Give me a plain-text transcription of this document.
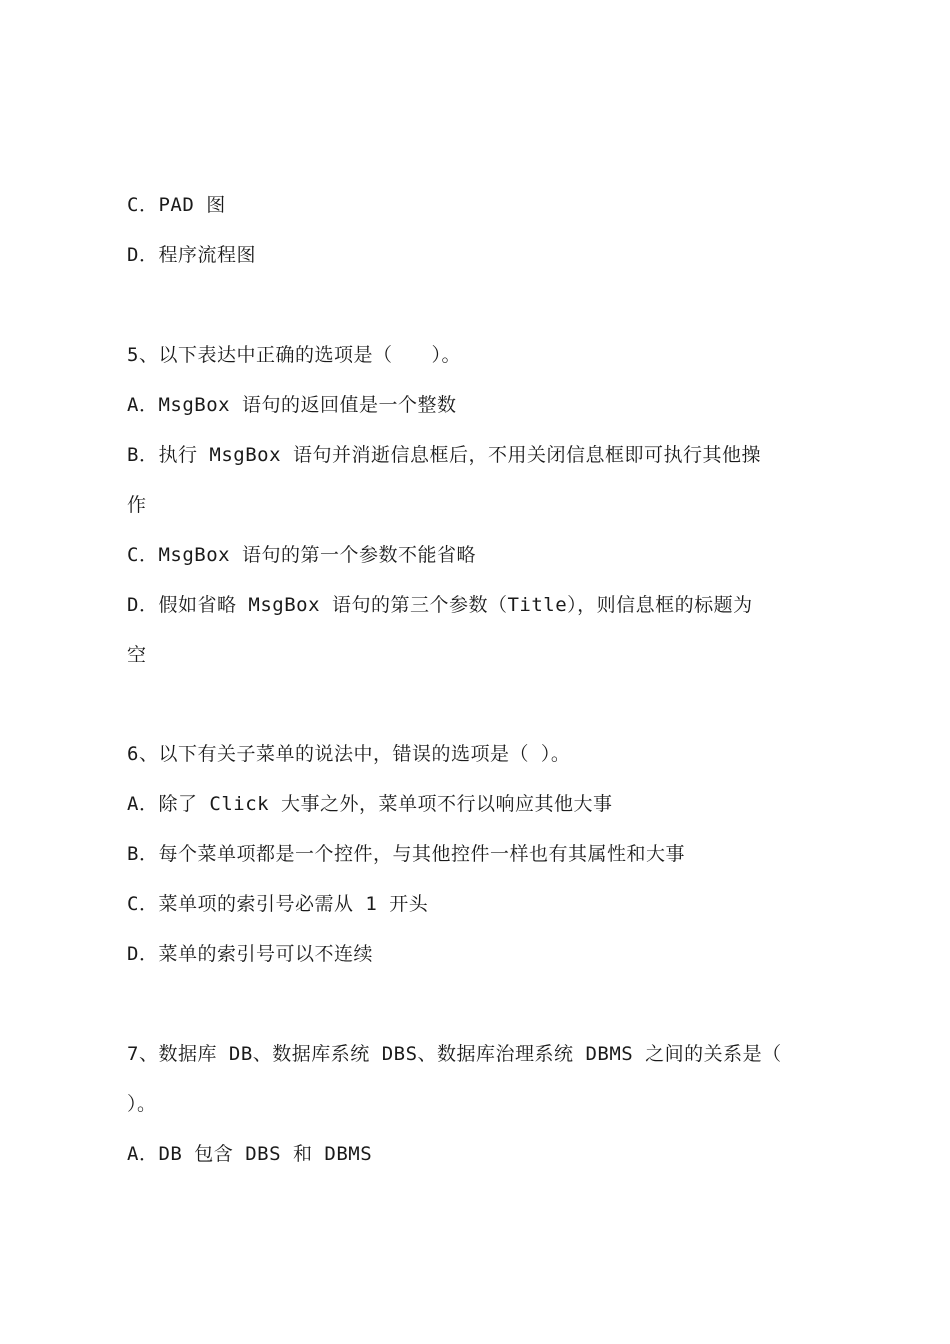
C．PAD 图
D．程序流程图
5、以下表达中正确的选项是（　　）。
A．MsgBox 语句的返回值是一个整数
B．执行 MsgBox 语句并消逝信息框后，不用关闭信息框即可执行其他操
作
C．MsgBox 语句的第一个参数不能省略
D．假如省略 MsgBox 语句的第三个参数（Title），则信息框的标题为
空
6、以下有关子菜单的说法中，错误的选项是（ ）。
A．除了 Click 大事之外，菜单项不行以响应其他大事
B．每个菜单项都是一个控件，与其他控件一样也有其属性和大事
C．菜单项的索引号必需从 1 开头
D．菜单的索引号可以不连续
7、数据库 DB、数据库系统 DBS、数据库治理系统 DBMS 之间的关系是（
）。
A．DB 包含 DBS 和 DBMS
